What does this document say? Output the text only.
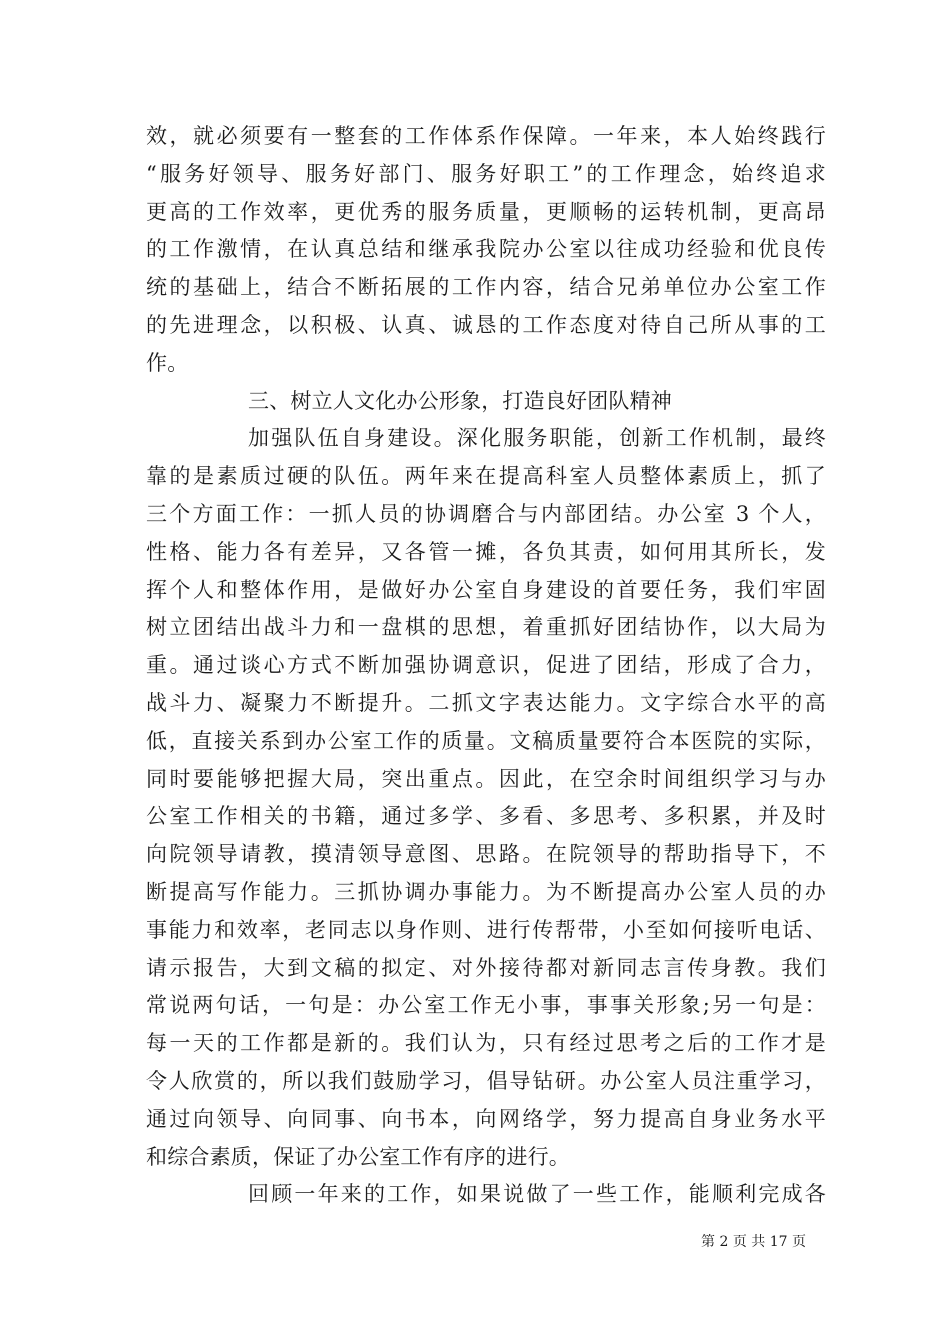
效，就必须要有一整套的工作体系作保障。一年来，本人始终践行
“服务好领导、服务好部门、服务好职工”的工作理念，始终追求
更高的工作效率，更优秀的服务质量，更顺畅的运转机制，更高昂
的工作激情，在认真总结和继承我院办公室以往成功经验和优良传
统的基础上，结合不断拓展的工作内容，结合兄弟单位办公室工作
的先进理念，以积极、认真、诚恳的工作态度对待自己所从事的工
作。
三、树立人文化办公形象，打造良好团队精神
加强队伍自身建设。深化服务职能，创新工作机制，最终
靠的是素质过硬的队伍。两年来在提高科室人员整体素质上，抓了
三个方面工作：一抓人员的协调磨合与内部团结。办公室 3 个人，
性格、能力各有差异，又各管一摊，各负其责，如何用其所长，发
挥个人和整体作用，是做好办公室自身建设的首要任务，我们牢固
树立团结出战斗力和一盘棋的思想，着重抓好团结协作，以大局为
重。通过谈心方式不断加强协调意识，促进了团结，形成了合力，
战斗力、凝聚力不断提升。二抓文字表达能力。文字综合水平的高
低，直接关系到办公室工作的质量。文稿质量要符合本医院的实际，
同时要能够把握大局，突出重点。因此，在空余时间组织学习与办
公室工作相关的书籍，通过多学、多看、多思考、多积累，并及时
向院领导请教，摸清领导意图、思路。在院领导的帮助指导下，不
断提高写作能力。三抓协调办事能力。为不断提高办公室人员的办
事能力和效率，老同志以身作则、进行传帮带，小至如何接听电话、
请示报告，大到文稿的拟定、对外接待都对新同志言传身教。我们
常说两句话，一句是：办公室工作无小事，事事关形象;另一句是：
每一天的工作都是新的。我们认为，只有经过思考之后的工作才是
令人欣赏的，所以我们鼓励学习，倡导钻研。办公室人员注重学习，
通过向领导、向同事、向书本，向网络学，努力提高自身业务水平
和综合素质，保证了办公室工作有序的进行。
回顾一年来的工作，如果说做了一些工作，能顺利完成各
第 2 页 共 17 页
